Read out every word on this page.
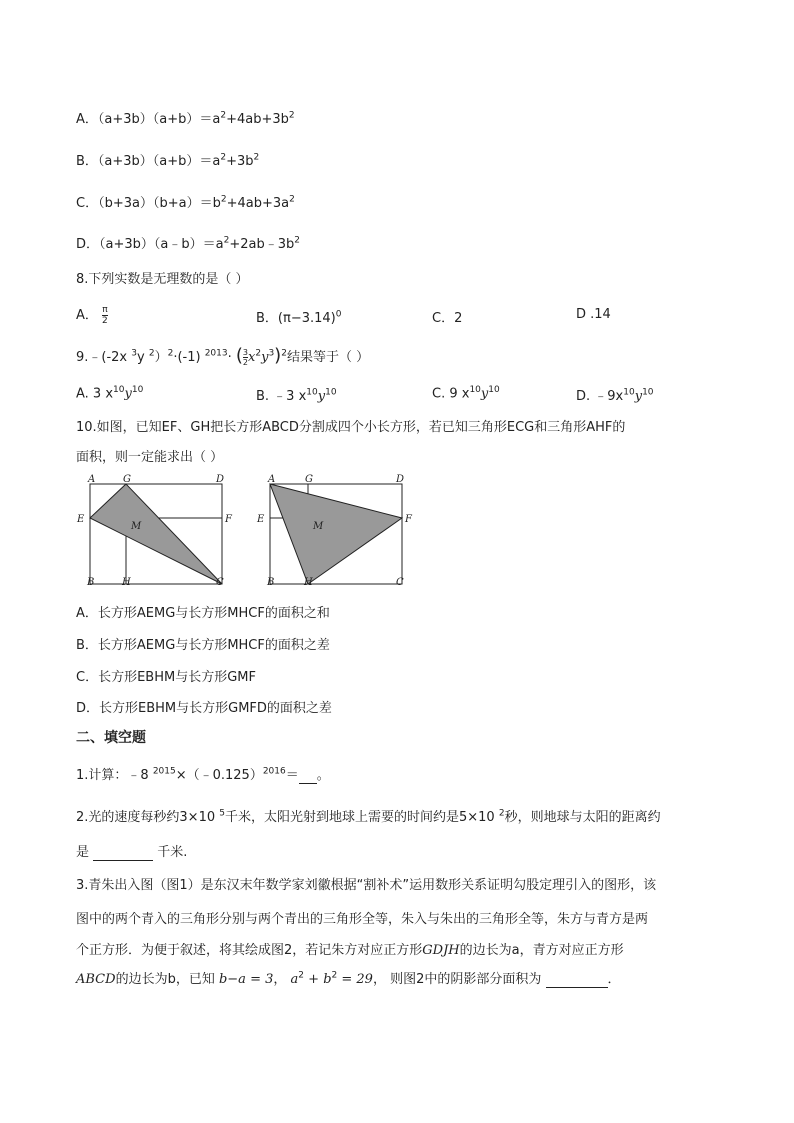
A．$(a+3b)(a+b)=a^2+4ab+3b^2$
B．$(a+3b)(a+b)=a^2+3b^2$
C．$(b+3a)(b+a)=b^2+4ab+3a^2$
D．$(a+3b)(a﹣b)=a^2+2ab﹣3b^2$
8.下列实数是无理数的是（ ）
A． $\frac{\pi}{2}$	B．$(\pi-3.14)^0$	C．2	D .14
9.﹣(-2x $^3$y $^2$）$^2$·(-1) $^{2013}$· ( $\frac{3}{2} x^2y^3)^2$结果等于（ ）
A. 3 $x^{10}y^{10}$	B. ﹣3 $x^{10}y^{10}$	C. 9 $x^{10}y^{10}$	D. $﹣9x^{10}y^{10}$
10.如图，已知EF、GH把长方形ABCD分割成四个小长方形，若已知三角形ECG和三角形AHF的
面积，则一定能求出（ ）
A	G	D
E	F
M
B	H	C
A	G	D
E	F
M
B	H	C
A．长方形AEMG与长方形MHCF的面积之和
B．长方形AEMG与长方形MHCF的面积之差
C．长方形EBHM与长方形GMF
D．长方形EBHM与长方形GMFD的面积之差
二、填空题
1.计算：﹣8 $^{2015}$×（﹣0.125）$^{2016}$＝ 。
2.光的速度每秒约3×10 $^5$千米，太阳光射到地球上需要的时间约是5×10 $^2$秒，则地球与太阳的距离约
是	千米.
3.青朱出入图（图1）是东汉末年数学家刘徽根据“割补术”运用数形关系证明勾股定理引入的图形，该
图中的两个青入的三角形分别与两个青出的三角形全等，朱入与朱出的三角形全等，朱方与青方是两
个正方形．为便于叙述，将其绘成图2，若记朱方对应正方形GDJH的边长为a，青方对应正方形
ABCD的边长为b，已知 b−a = 3， $a^2 + b^2 = 29$， 则图2中的阴影部分面积为	．
